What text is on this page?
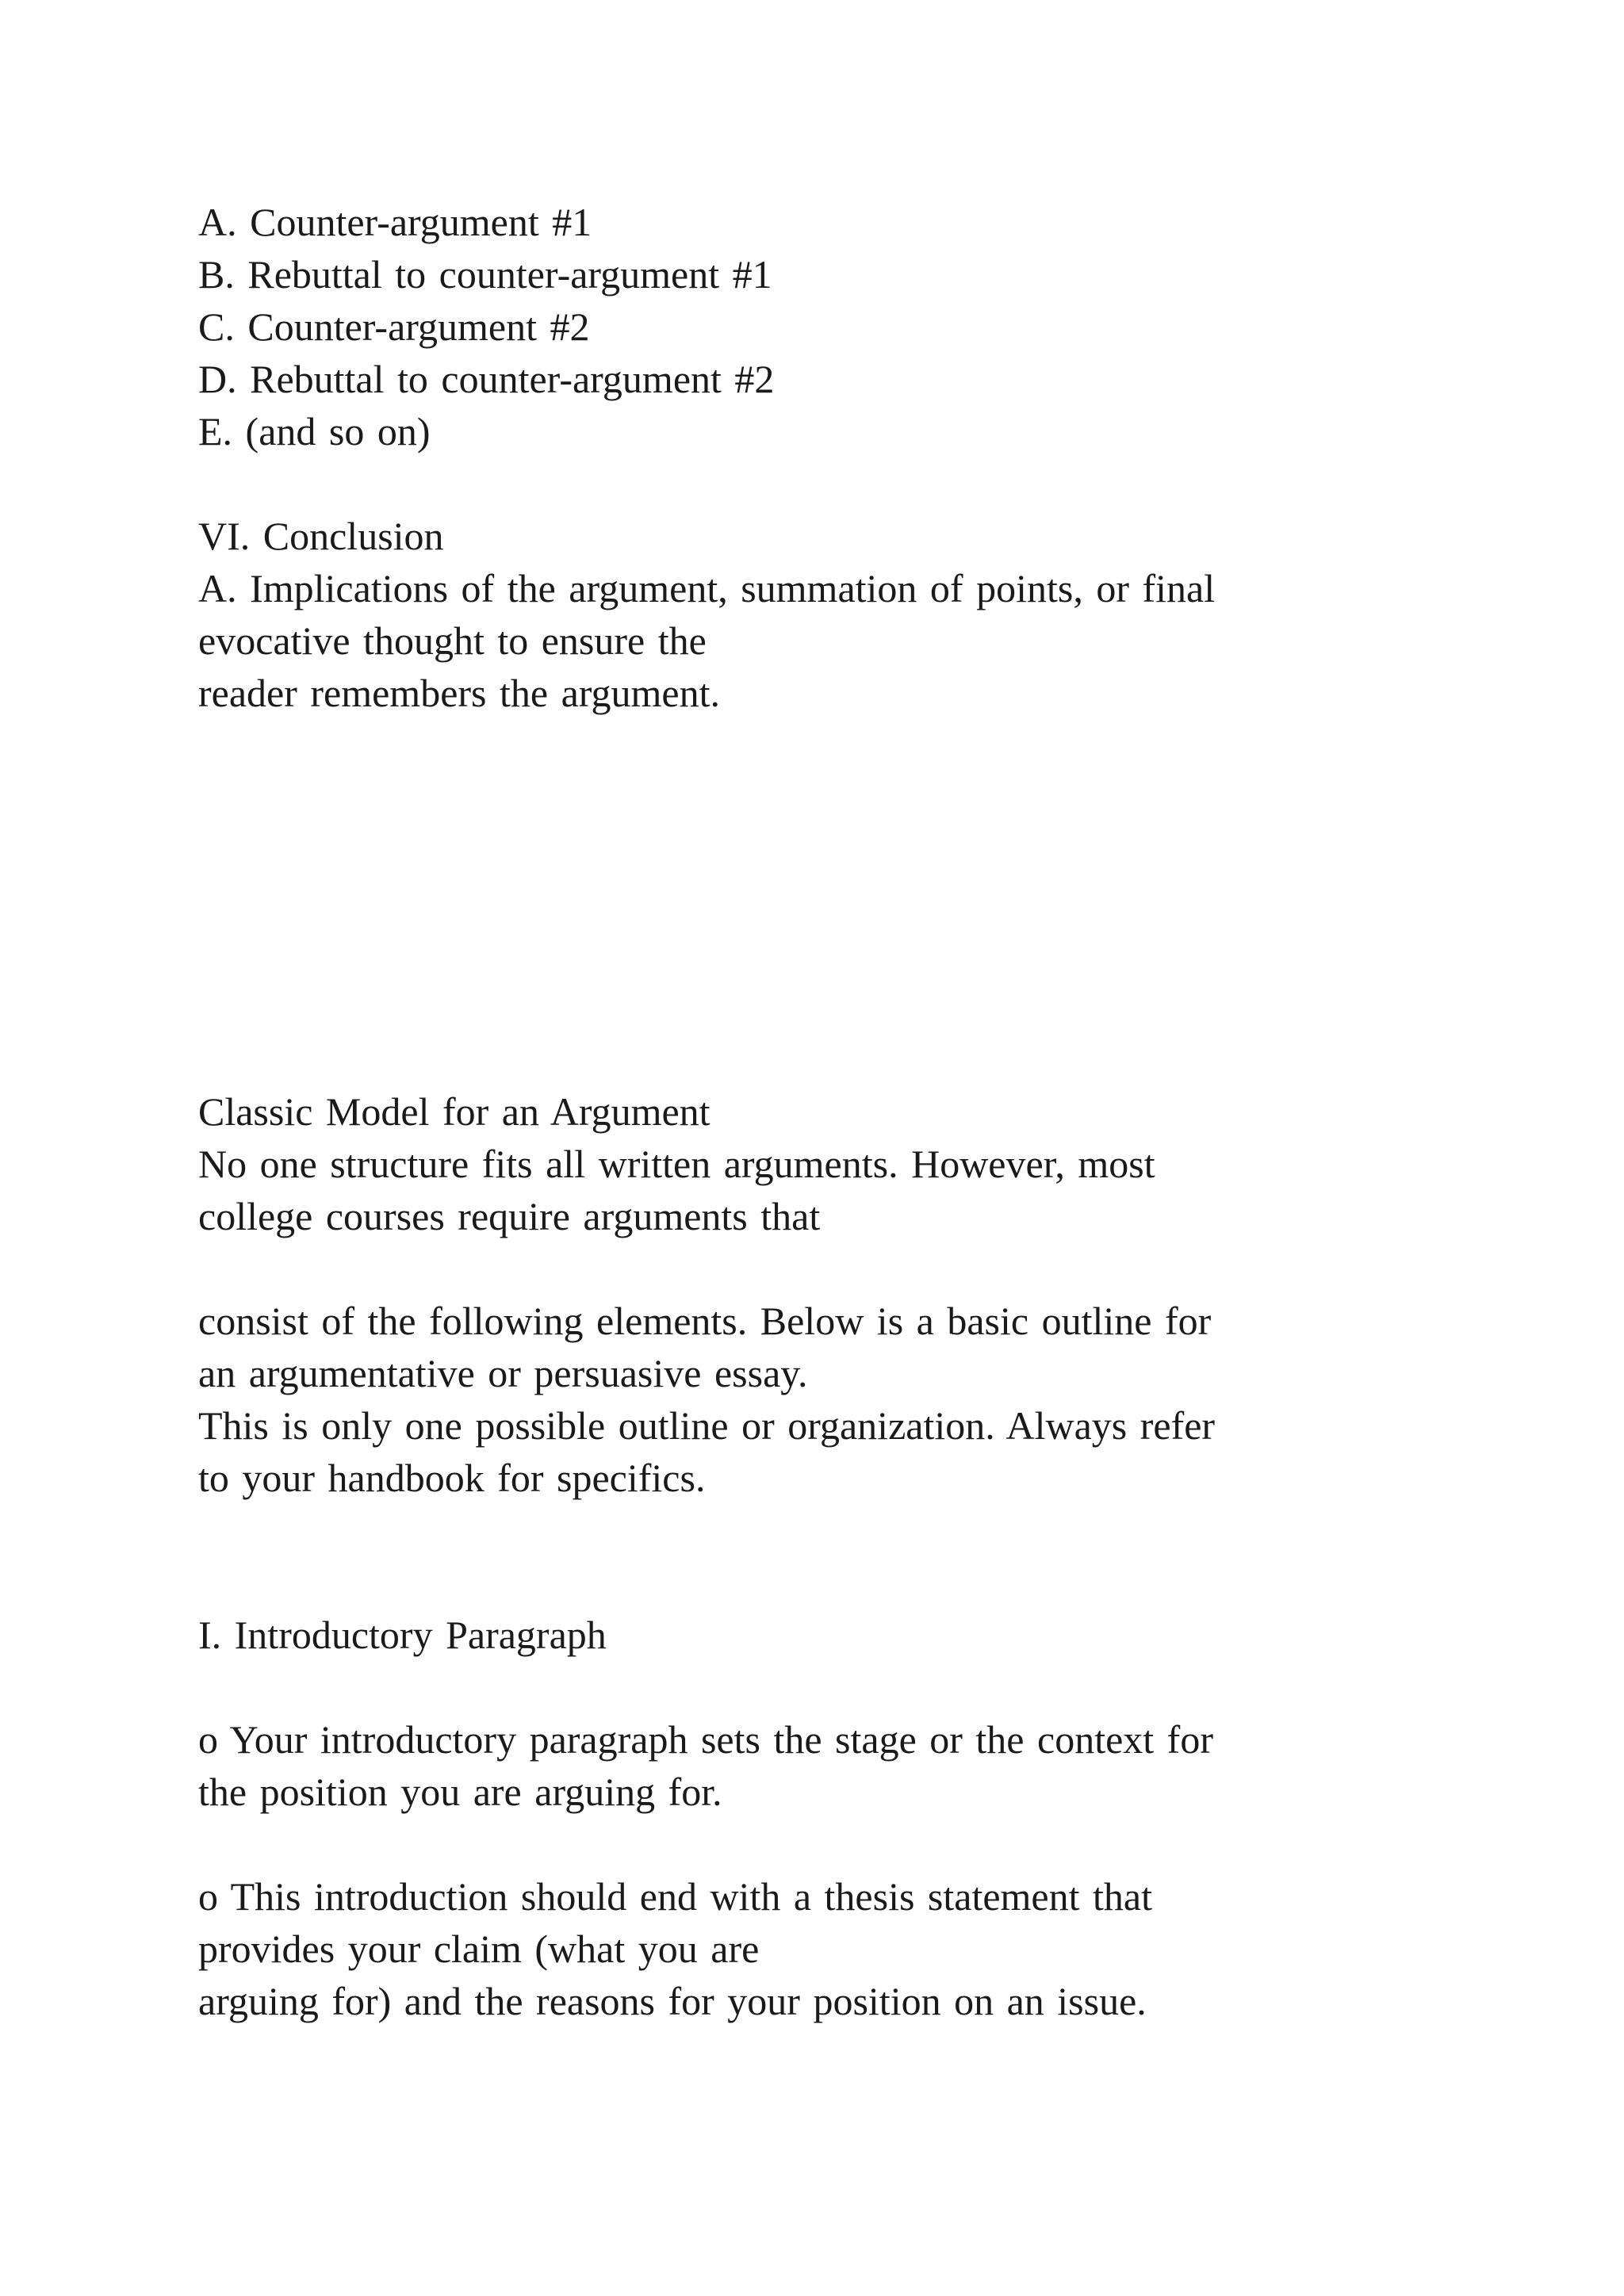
A. Counter-argument #1

B. Rebuttal to counter-argument #1

C. Counter-argument #2

D. Rebuttal to counter-argument #2

E. (and so on)

VI. Conclusion

A. Implications of the argument, summation of points, or final

evocative thought to ensure the

reader remembers the argument.

Classic Model for an Argument

No one structure fits all written arguments. However, most

college courses require arguments that

consist of the following elements. Below is a basic outline for

an argumentative or persuasive essay.

This is only one possible outline or organization. Always refer

to your handbook for specifics.

I. Introductory Paragraph

o Your introductory paragraph sets the stage or the context for

the position you are arguing for.

o This introduction should end with a thesis statement that

provides your claim (what you are

arguing for) and the reasons for your position on an issue.
